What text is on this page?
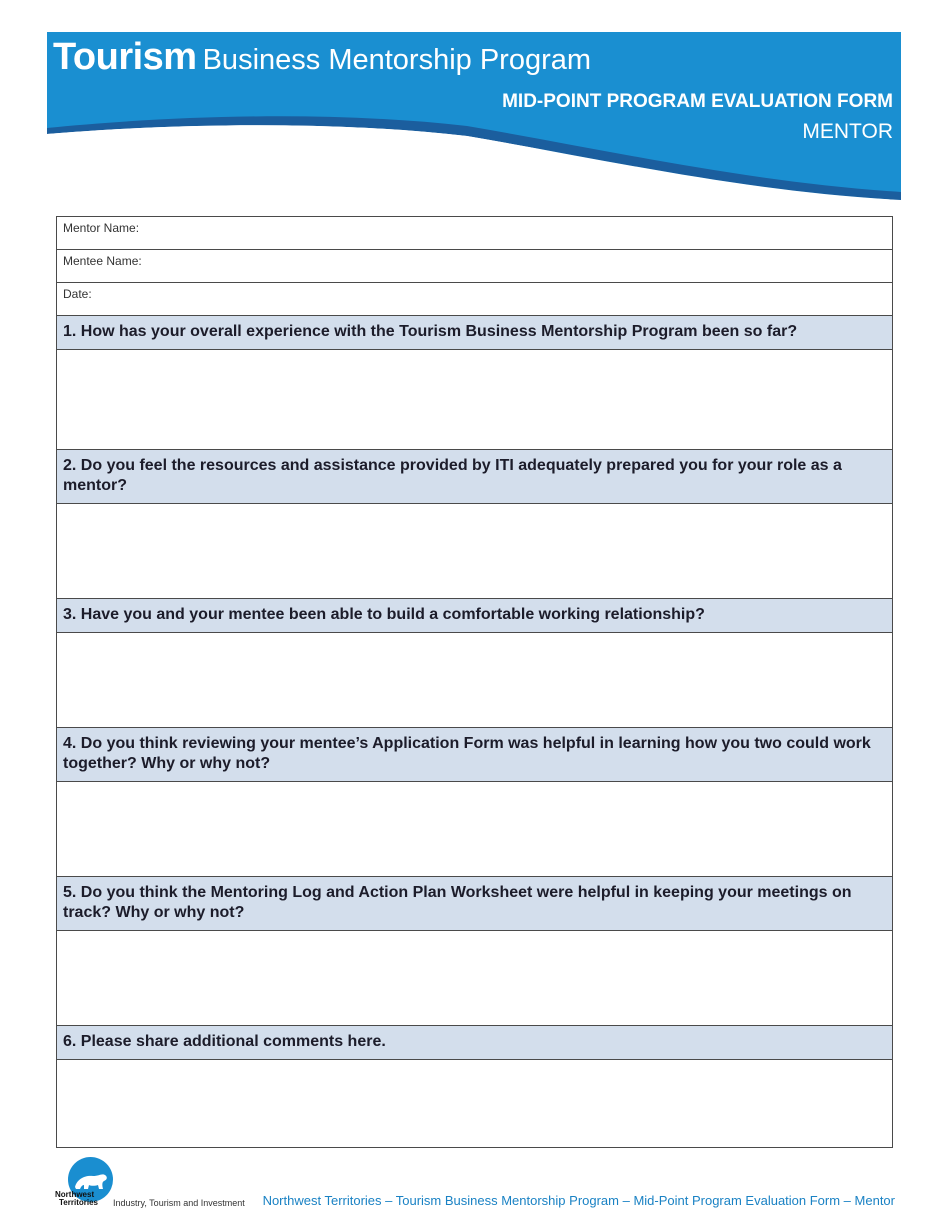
Tourism Business Mentorship Program
MID-POINT PROGRAM EVALUATION FORM
MENTOR
Mentor Name:
Mentee Name:
Date:
1. How has your overall experience with the Tourism Business Mentorship Program been so far?
2. Do you feel the resources and assistance provided by ITI adequately prepared you for your role as a mentor?
3. Have you and your mentee been able to build a comfortable working relationship?
4. Do you think reviewing your mentee’s Application Form was helpful in learning how you two could work together? Why or why not?
5. Do you think the Mentoring Log and Action Plan Worksheet were helpful in keeping your meetings on track? Why or why not?
6. Please share additional comments here.
Northwest
Territories Industry, Tourism and Investment Northwest Territories – Tourism Business Mentorship Program – Mid-Point Program Evaluation Form – Mentor
